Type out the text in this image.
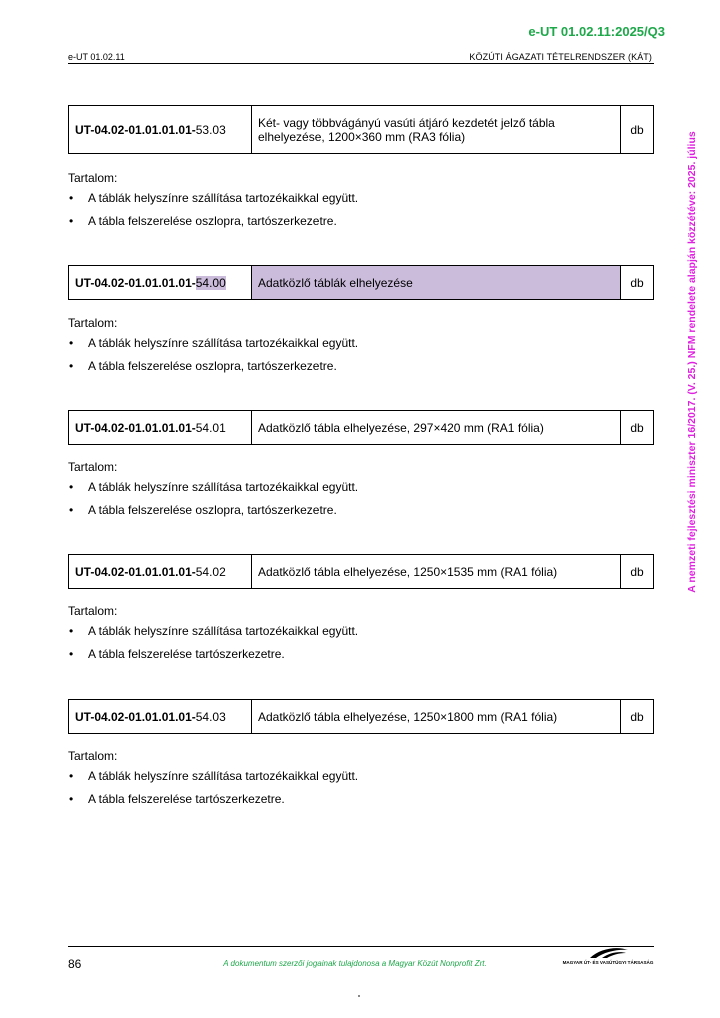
e-UT 01.02.11:2025/Q3
e-UT 01.02.11	KÖZÚTI ÁGAZATI TÉTELRENDSZER (KÁT)
A nemzeti fejlesztési miniszter 16/2017. (V. 25.) NFM rendelete alapján közzétéve: 2025. július
UT-04.02-01.01.01.01-53.03	Két- vagy többvágányú vasúti átjáró kezdetét jelző tábla elhelyezése, 1200×360 mm (RA3 fólia)	db
Tartalom:
• A táblák helyszínre szállítása tartozékaikkal együtt.
• A tábla felszerelése oszlopra, tartószerkezetre.
UT-04.02-01.01.01.01-54.00	Adatközlő táblák elhelyezése	db
Tartalom:
• A táblák helyszínre szállítása tartozékaikkal együtt.
• A tábla felszerelése oszlopra, tartószerkezetre.
UT-04.02-01.01.01.01-54.01	Adatközlő tábla elhelyezése, 297×420 mm (RA1 fólia)	db
Tartalom:
• A táblák helyszínre szállítása tartozékaikkal együtt.
• A tábla felszerelése oszlopra, tartószerkezetre.
UT-04.02-01.01.01.01-54.02	Adatközlő tábla elhelyezése, 1250×1535 mm (RA1 fólia)	db
Tartalom:
• A táblák helyszínre szállítása tartozékaikkal együtt.
• A tábla felszerelése tartószerkezetre.
UT-04.02-01.01.01.01-54.03	Adatközlő tábla elhelyezése, 1250×1800 mm (RA1 fólia)	db
Tartalom:
• A táblák helyszínre szállítása tartozékaikkal együtt.
• A tábla felszerelése tartószerkezetre.
86	A dokumentum szerzői jogainak tulajdonosa a Magyar Közút Nonprofit Zrt.	MAGYAR ÚT- ÉS VASÚTÜGYI TÁRSASÁG
